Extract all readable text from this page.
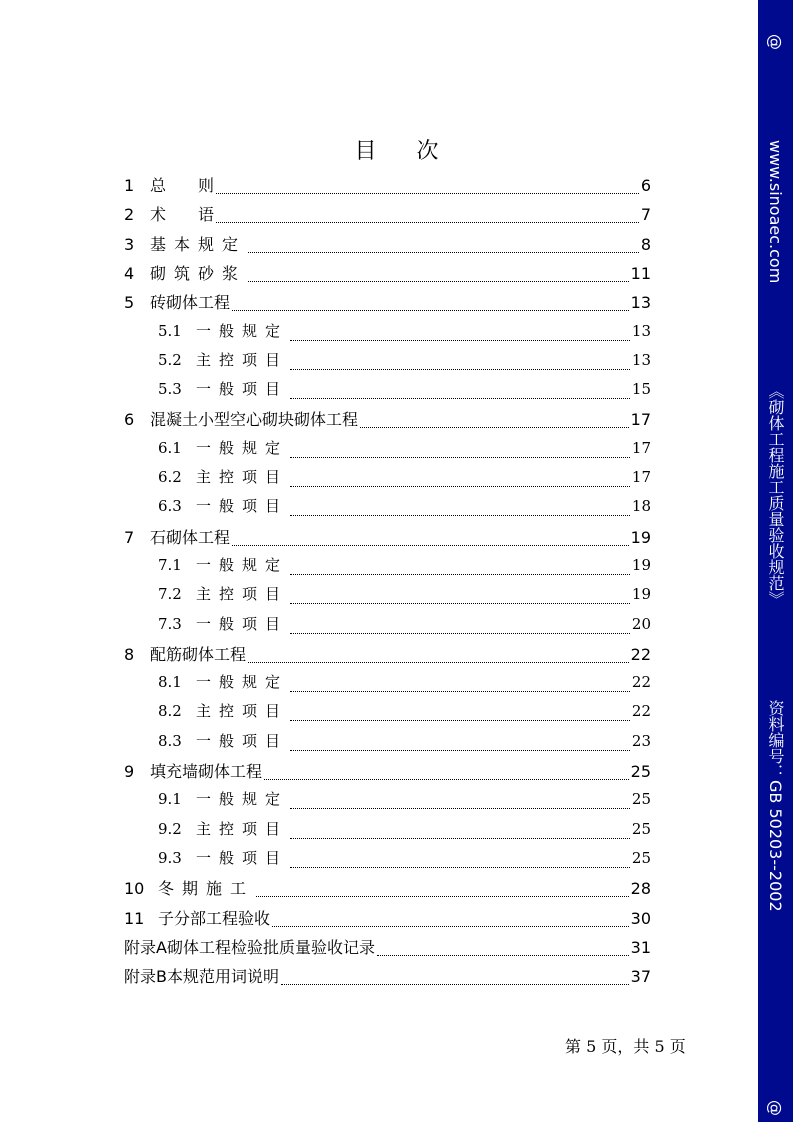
目 次
1 总　　则	6
2 术　　语	7
3 基本规定	8
4 砌筑砂浆	11
5 砖砌体工程	13
5.1 一般规定	13
5.2 主控项目	13
5.3 一般项目	15
6 混凝土小型空心砌块砌体工程	17
6.1 一般规定	17
6.2 主控项目	17
6.3 一般项目	18
7 石砌体工程	19
7.1 一般规定	19
7.2 主控项目	19
7.3 一般项目	20
8 配筋砌体工程	22
8.1 一般规定	22
8.2 主控项目	22
8.3 一般项目	23
9 填充墙砌体工程	25
9.1 一般规定	25
9.2 主控项目	25
9.3 一般项目	25
10 冬期施工	28
11 子分部工程验收	30
附录A 砌体工程检验批质量验收记录	31
附录B 本规范用词说明	37
第 5 页，共 5 页
@
www.sinoaec.com
《砌体工程施工质量验收规范》
资料编号：GB 50203--2002
@
